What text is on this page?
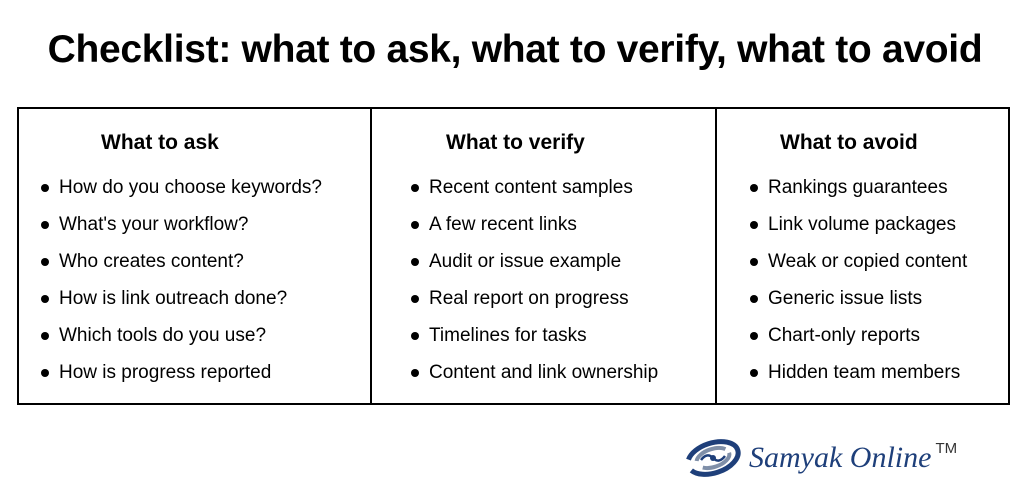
Checklist: what to ask, what to verify, what to avoid
What to ask
How do you choose keywords?
What's your workflow?
Who creates content?
How is link outreach done?
Which tools do you use?
How is progress reported
What to verify
Recent content samples
A few recent links
Audit or issue example
Real report on progress
Timelines for tasks
Content and link ownership
What to avoid
Rankings guarantees
Link volume packages
Weak or copied content
Generic issue lists
Chart-only reports
Hidden team members
Samyak Online TM
